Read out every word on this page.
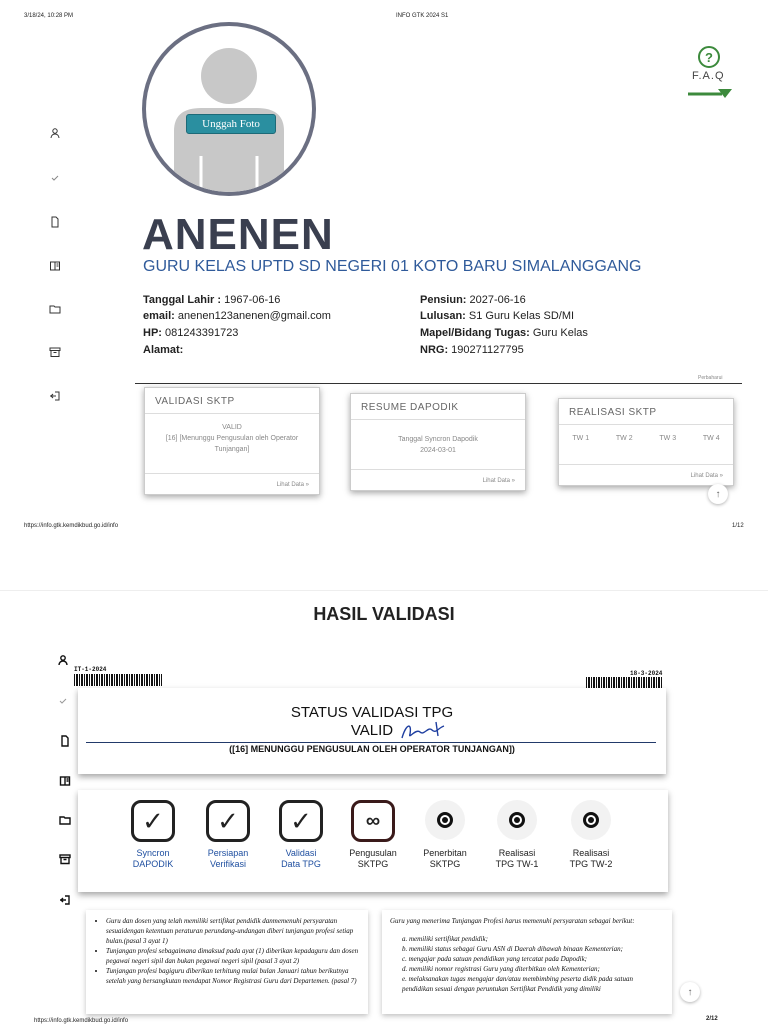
3/18/24, 10:28 PM	INFO GTK 2024 S1
Unggah Foto
ANENEN
GURU KELAS UPTD SD NEGERI 01 KOTO BARU SIMALANGGANG
Tanggal Lahir : 1967-06-16
email: anenen123anenen@gmail.com
HP: 081243391723
Alamat:
Pensiun: 2027-06-16
Lulusan: S1 Guru Kelas SD/MI
Mapel/Bidang Tugas: Guru Kelas
NRG: 190271127795
?
F.A.Q
Perbaharui
VALIDASI SKTP
VALID
[16] [Menunggu Pengusulan oleh Operator
Tunjangan]
Lihat Data »
RESUME DAPODIK
Tanggal Syncron Dapodik
2024-03-01
Lihat Data »
REALISASI SKTP
TW 1	TW 2	TW 3	TW 4
Lihat Data »
↑
https://info.gtk.kemdikbud.go.id/info	1/12
HASIL VALIDASI
IT-1-2024
18-3-2024
STATUS VALIDASI TPG
VALID
([16] MENUNGGU PENGUSULAN OLEH OPERATOR TUNJANGAN])
✓
Syncron
DAPODIK
✓
Persiapan
Verifikasi
✓
Validasi
Data TPG
∞
Pengusulan
SKTPG
Penerbitan
SKTPG
Realisasi
TPG TW-1
Realisasi
TPG TW-2
• Guru dan dosen yang telah memiliki sertifikat pendidik danmemenuhi persyaratan sesuaidengan ketentuan peraturan perundang-undangan diberi tunjangan profesi setiap bulan.(pasal 3 ayat 1)
• Tunjangan profesi sebagaimana dimaksud pada ayat (1) diberikan kepadaguru dan dosen pegawai negeri sipil dan bukan pegawai negeri sipil (pasal 3 ayat 2)
• Tunjangan profesi bagiguru diberikan terhitung mulai bulan Januari tahun berikutnya setelah yang bersangkutan mendapat Nomor Registrasi Guru dari Departemen. (pasal 7)
Guru yang menerima Tunjangan Profesi harus memenuhi persyaratan sebagai berikut:
a. memiliki sertifikat pendidik;
b. memiliki status sebagai Guru ASN di Daerah dibawah binaan Kementerian;
c. mengajar pada satuan pendidikan yang tercatat pada Dapodik;
d. memiliki nomor registrasi Guru yang diterbitkan oleh Kementerian;
e. melaksanakan tugas mengajar dan/atau membimbing peserta didik pada satuan pendidikan sesuai dengan peruntukan Sertifikat Pendidik yang dimiliki	↑
https://info.gtk.kemdikbud.go.id/info	2/12
